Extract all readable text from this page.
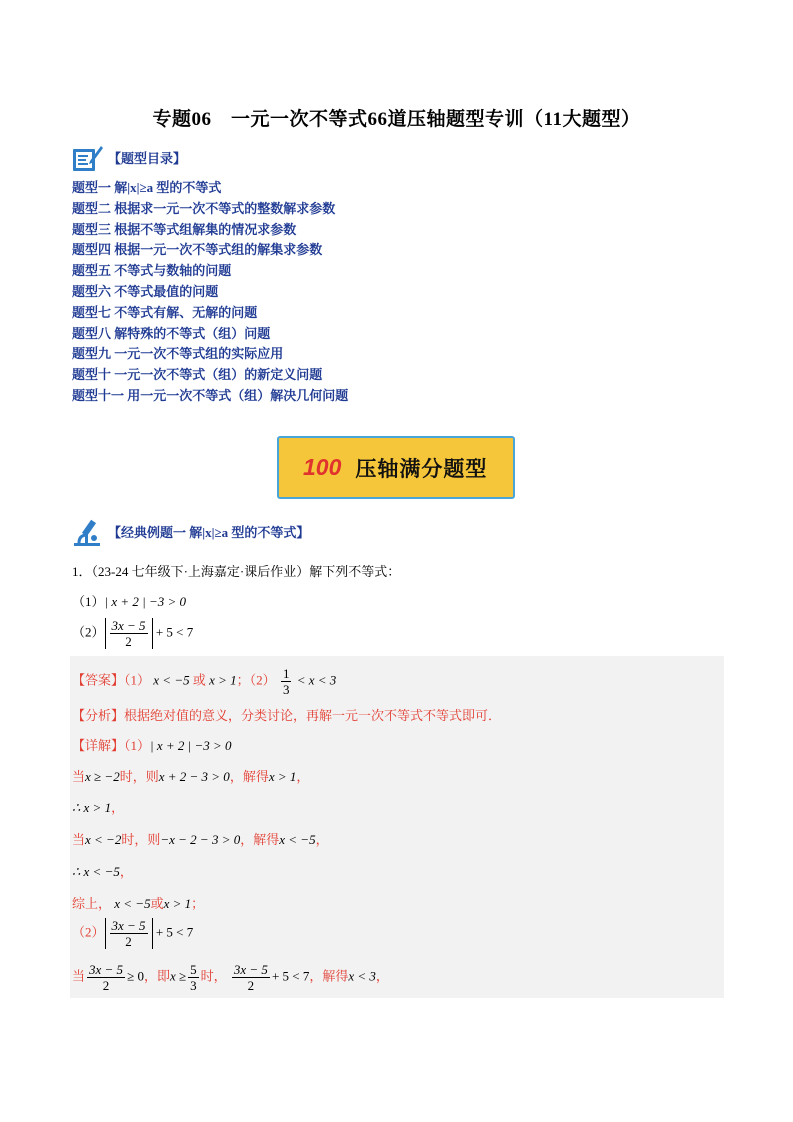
专题06　一元一次不等式66道压轴题型专训（11大题型）
【题型目录】
题型一 解|x|≥a 型的不等式
题型二 根据求一元一次不等式的整数解求参数
题型三 根据不等式组解集的情况求参数
题型四 根据一元一次不等式组的解集求参数
题型五 不等式与数轴的问题
题型六 不等式最值的问题
题型七 不等式有解、无解的问题
题型八 解特殊的不等式（组）问题
题型九 一元一次不等式组的实际应用
题型十 一元一次不等式（组）的新定义问题
题型十一 用一元一次不等式（组）解决几何问题
100 压轴满分题型
【经典例题一 解|x|≥a 型的不等式】
1．（23-24 七年级下·上海嘉定·课后作业）解下列不等式：
（1）| x + 2 | −3 > 0
$(2) \frac{3x - 5}{2} + 5 < 7$
【答案】（1） x < −5 或 x > 1；$(2) \frac{1}{3} < x < 3$
【分析】根据绝对值的意义，分类讨论，再解一元一次不等式不等式即可．
【详解】（1）| x + 2 | −3 > 0
当x ≥ −2时，则x + 2 − 3 > 0，解得x > 1，
∴ x > 1，
当x < −2时，则−x − 2 − 3 > 0，解得x < −5，
∴ x < −5，
综上， x < −5或x > 1；
$(2) \frac{3x - 5}{2} + 5 < 7$
当 $\frac{3x - 5}{2} \ge 0$，即$x \ge \frac{5}{3}$ 时， $\frac{3x - 5}{2} + 5 < 7$，解得x < 3，
